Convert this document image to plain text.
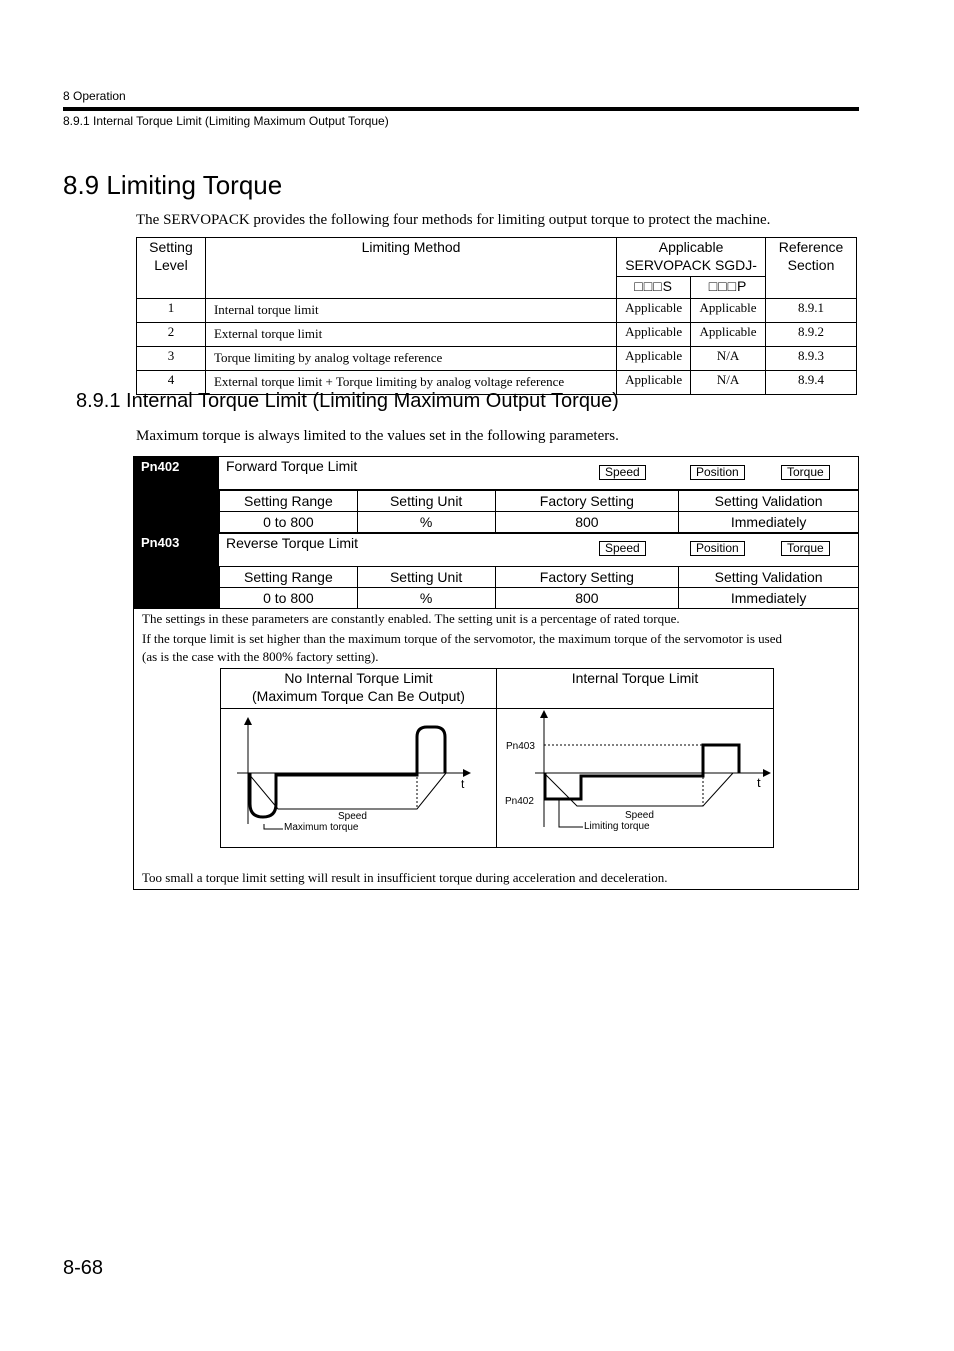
8 Operation
8.9.1 Internal Torque Limit (Limiting Maximum Output Torque)
8.9 Limiting Torque
The SERVOPACK provides the following four methods for limiting output torque to protect the machine.
Setting Level	Limiting Method	Applicable SERVOPACK SGDJ-		Reference Section
		□□□S	□□□P	
1	Internal torque limit	Applicable	Applicable	8.9.1
2	External torque limit	Applicable	Applicable	8.9.2
3	Torque limiting by analog voltage reference	Applicable	N/A	8.9.3
4	External torque limit + Torque limiting by analog voltage reference	Applicable	N/A	8.9.4
8.9.1 Internal Torque Limit (Limiting Maximum Output Torque)
Maximum torque is always limited to the values set in the following parameters.
Pn402	Forward Torque Limit	Speed	Position	Torque
Setting Range	Setting Unit	Factory Setting	Setting Validation
0 to 800	%	800	Immediately
Pn403	Reverse Torque Limit	Speed	Position	Torque
Setting Range	Setting Unit	Factory Setting	Setting Validation
0 to 800	%	800	Immediately
The settings in these parameters are constantly enabled. The setting unit is a percentage of rated torque.
If the torque limit is set higher than the maximum torque of the servomotor, the maximum torque of the servomotor is used
(as is the case with the 800% factory setting).
No Internal Torque Limit
(Maximum Torque Can Be Output)
Internal Torque Limit
t
Speed
Maximum torque
Pn403
Pn402
t
Speed
Limiting torque
Too small a torque limit setting will result in insufficient torque during acceleration and deceleration.
8-68
